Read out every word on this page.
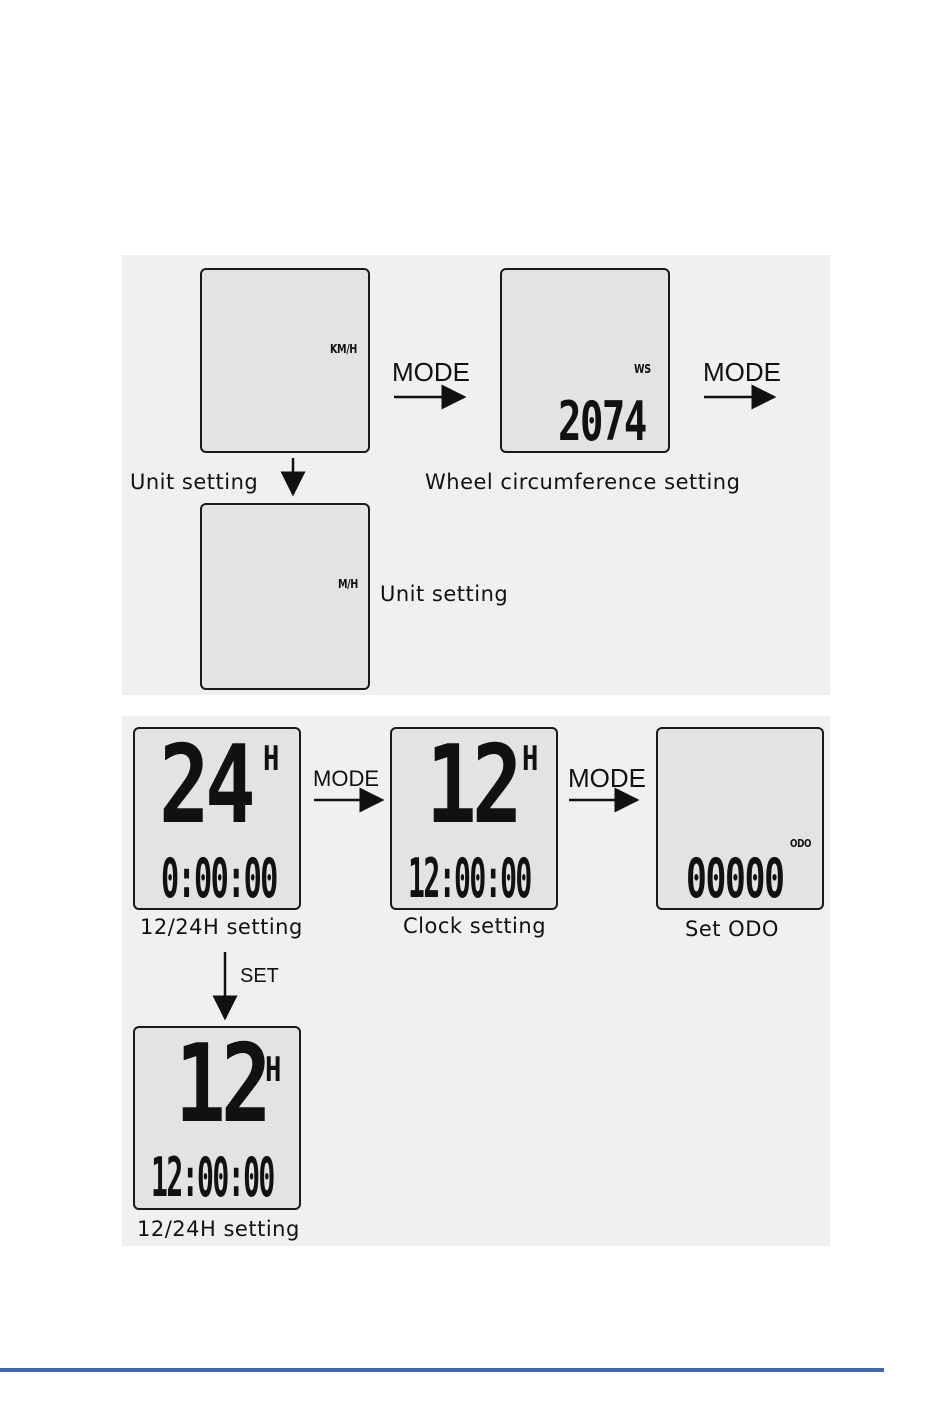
KM/H
Unit setting
MODE	WS
2074
Wheel circumference setting
MODE
M/H Unit setting
24 H
0:00:00
12/24H setting
MODE 12 H
12:00:00
Clock setting
MODE
ODO
00000
Set ODO
SET
12
H
12:00:00
12/24H setting
